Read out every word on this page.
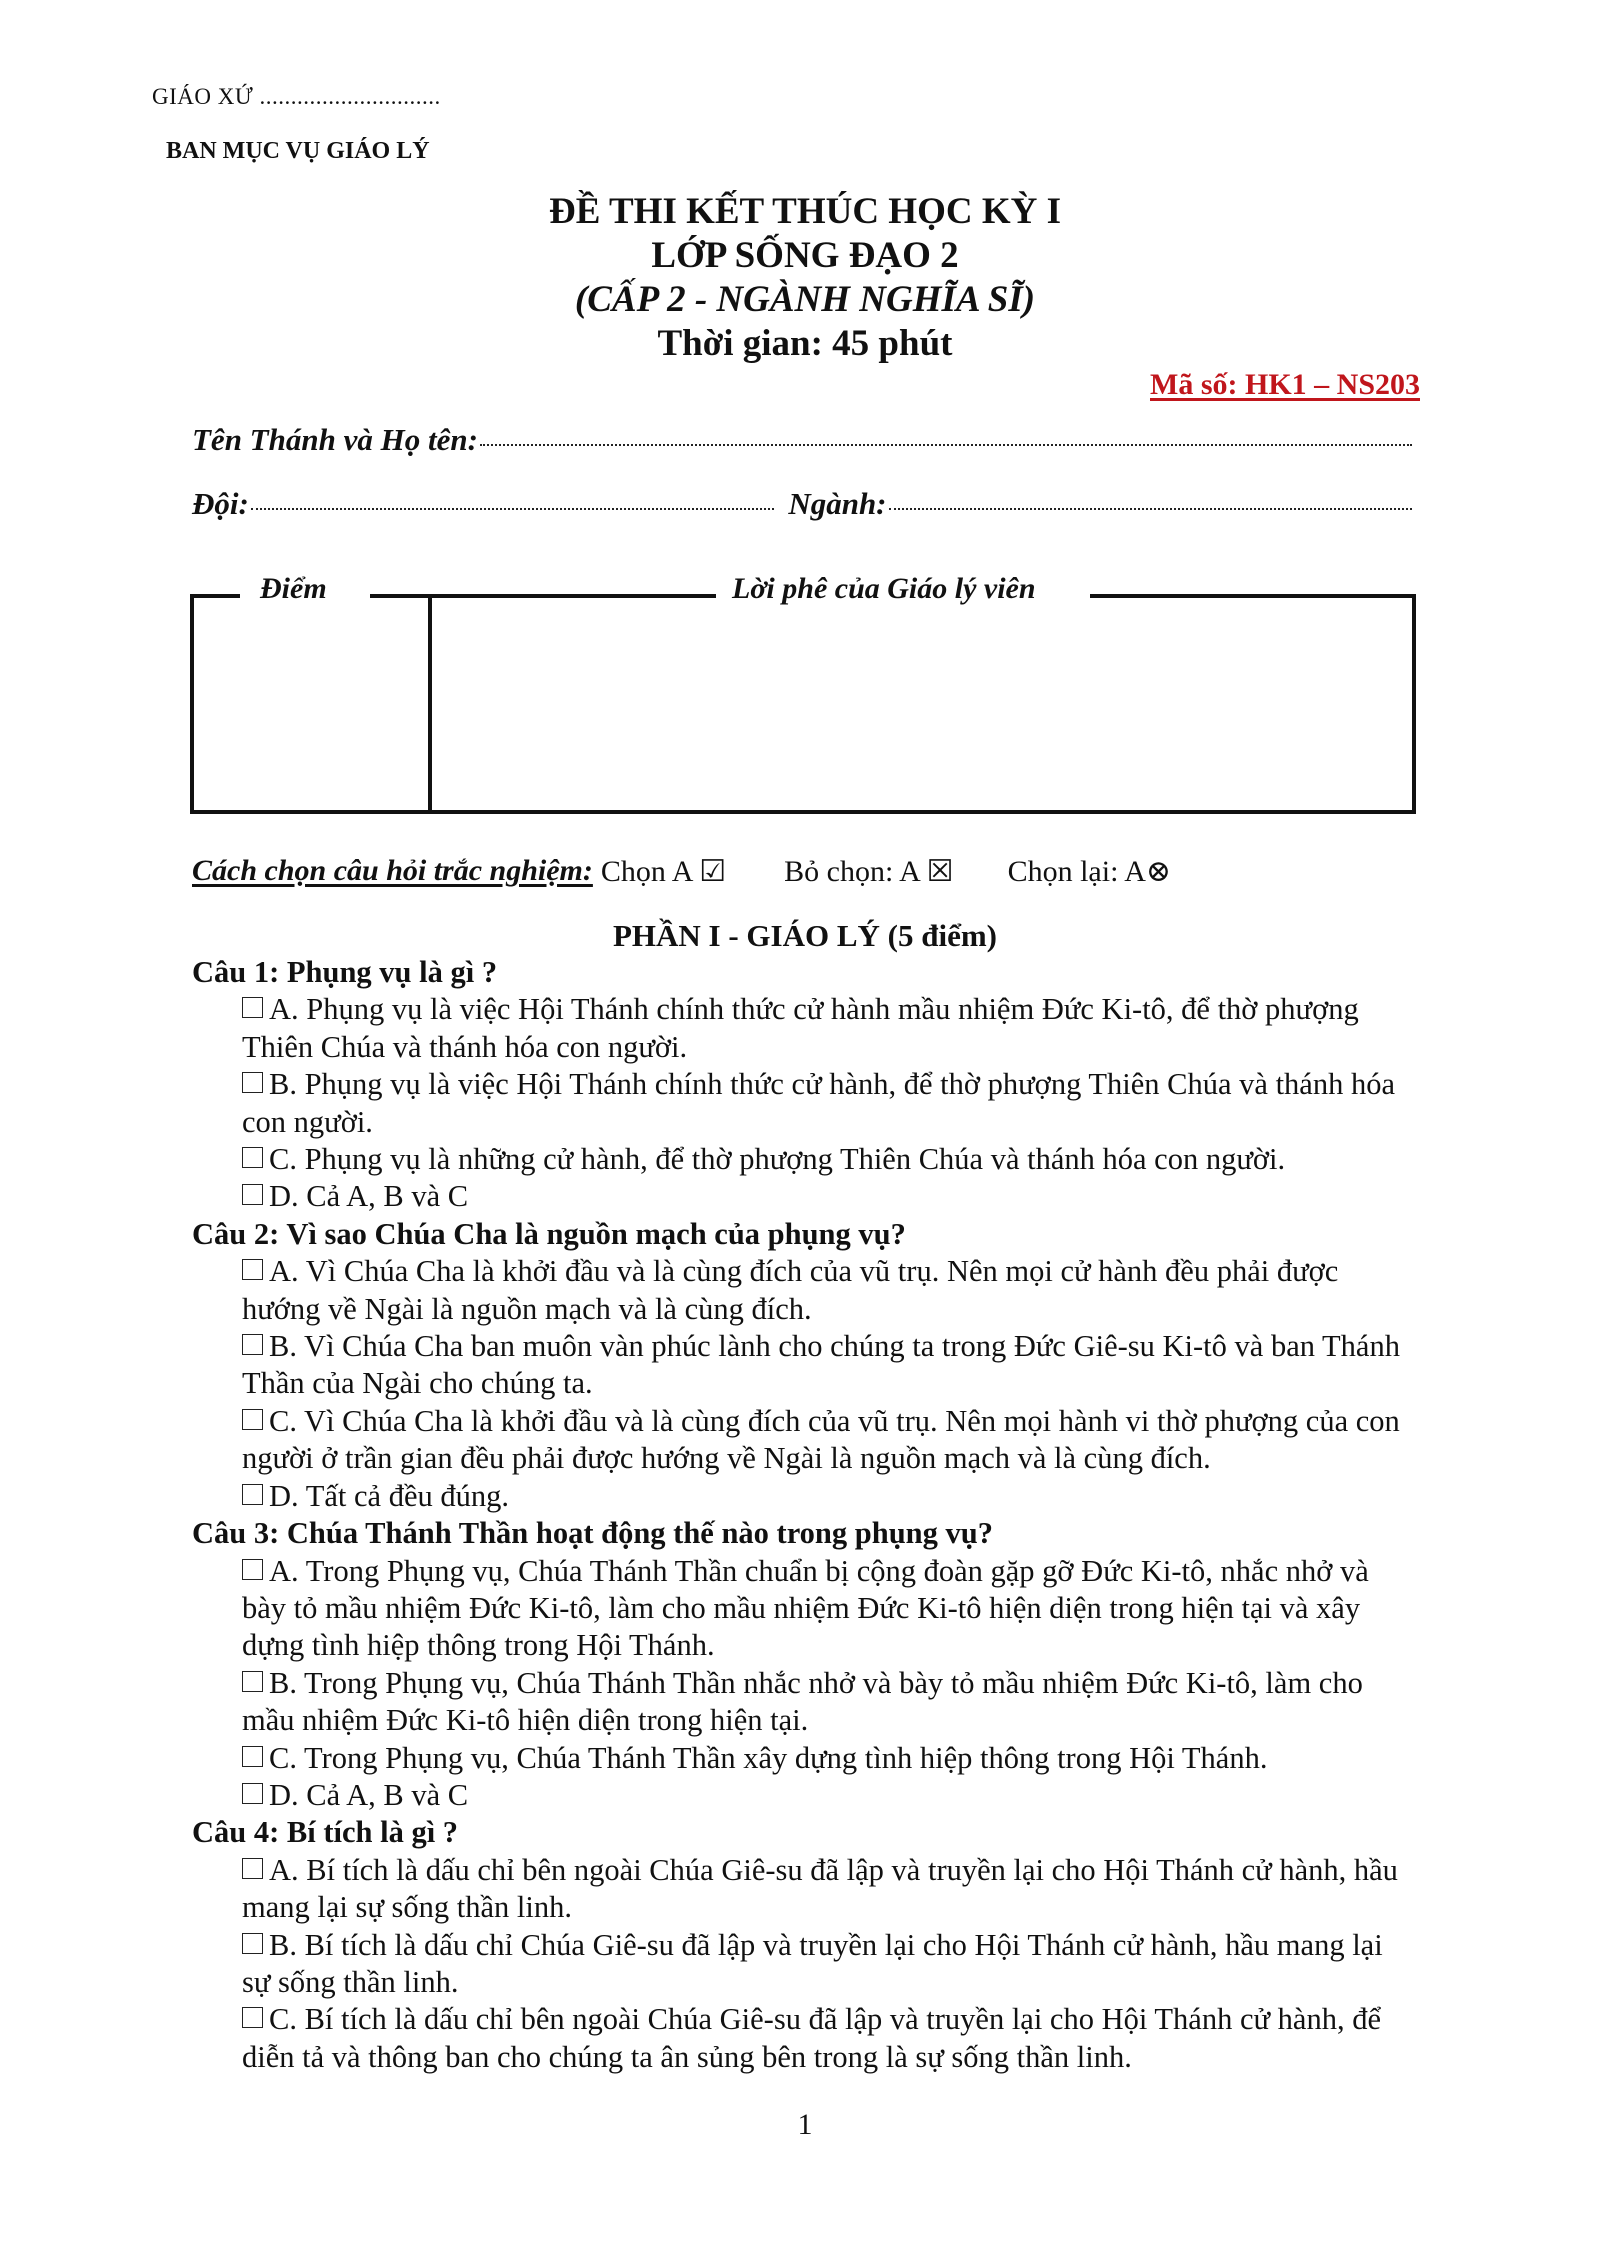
GIÁO XỨ .............................
BAN MỤC VỤ GIÁO LÝ
ĐỀ THI KẾT THÚC HỌC KỲ I
LỚP SỐNG ĐẠO 2
(CẤP 2 - NGÀNH NGHĨA SĨ)
Thời gian: 45 phút
Mã số: HK1 – NS203
Tên Thánh và Họ tên:
Đội:	Ngành:
Điểm	Lời phê của Giáo lý viên
Cách chọn câu hỏi trắc nghiệm: Chọn A ☑ Bỏ chọn: A ☒ Chọn lại: A⊗
PHẦN I - GIÁO LÝ (5 điểm)
Câu 1: Phụng vụ là gì ?
A. Phụng vụ là việc Hội Thánh chính thức cử hành mầu nhiệm Đức Ki-tô, để thờ phượng Thiên Chúa và thánh hóa con người.
B. Phụng vụ là việc Hội Thánh chính thức cử hành, để thờ phượng Thiên Chúa và thánh hóa con người.
C. Phụng vụ là những cử hành, để thờ phượng Thiên Chúa và thánh hóa con người.
D. Cả A, B và C
Câu 2: Vì sao Chúa Cha là nguồn mạch của phụng vụ?
A. Vì Chúa Cha là khởi đầu và là cùng đích của vũ trụ. Nên mọi cử hành đều phải được hướng về Ngài là nguồn mạch và là cùng đích.
B. Vì Chúa Cha ban muôn vàn phúc lành cho chúng ta trong Đức Giê-su Ki-tô và ban Thánh Thần của Ngài cho chúng ta.
C. Vì Chúa Cha là khởi đầu và là cùng đích của vũ trụ. Nên mọi hành vi thờ phượng của con người ở trần gian đều phải được hướng về Ngài là nguồn mạch và là cùng đích.
D. Tất cả đều đúng.
Câu 3: Chúa Thánh Thần hoạt động thế nào trong phụng vụ?
A. Trong Phụng vụ, Chúa Thánh Thần chuẩn bị cộng đoàn gặp gỡ Đức Ki-tô, nhắc nhở và bày tỏ mầu nhiệm Đức Ki-tô, làm cho mầu nhiệm Đức Ki-tô hiện diện trong hiện tại và xây dựng tình hiệp thông trong Hội Thánh.
B. Trong Phụng vụ, Chúa Thánh Thần nhắc nhở và bày tỏ mầu nhiệm Đức Ki-tô, làm cho mầu nhiệm Đức Ki-tô hiện diện trong hiện tại.
C. Trong Phụng vụ, Chúa Thánh Thần xây dựng tình hiệp thông trong Hội Thánh.
D. Cả A, B và C
Câu 4: Bí tích là gì ?
A. Bí tích là dấu chỉ bên ngoài Chúa Giê-su đã lập và truyền lại cho Hội Thánh cử hành, hầu mang lại sự sống thần linh.
B. Bí tích là dấu chỉ Chúa Giê-su đã lập và truyền lại cho Hội Thánh cử hành, hầu mang lại sự sống thần linh.
C. Bí tích là dấu chỉ bên ngoài Chúa Giê-su đã lập và truyền lại cho Hội Thánh cử hành, để diễn tả và thông ban cho chúng ta ân sủng bên trong là sự sống thần linh.
1
